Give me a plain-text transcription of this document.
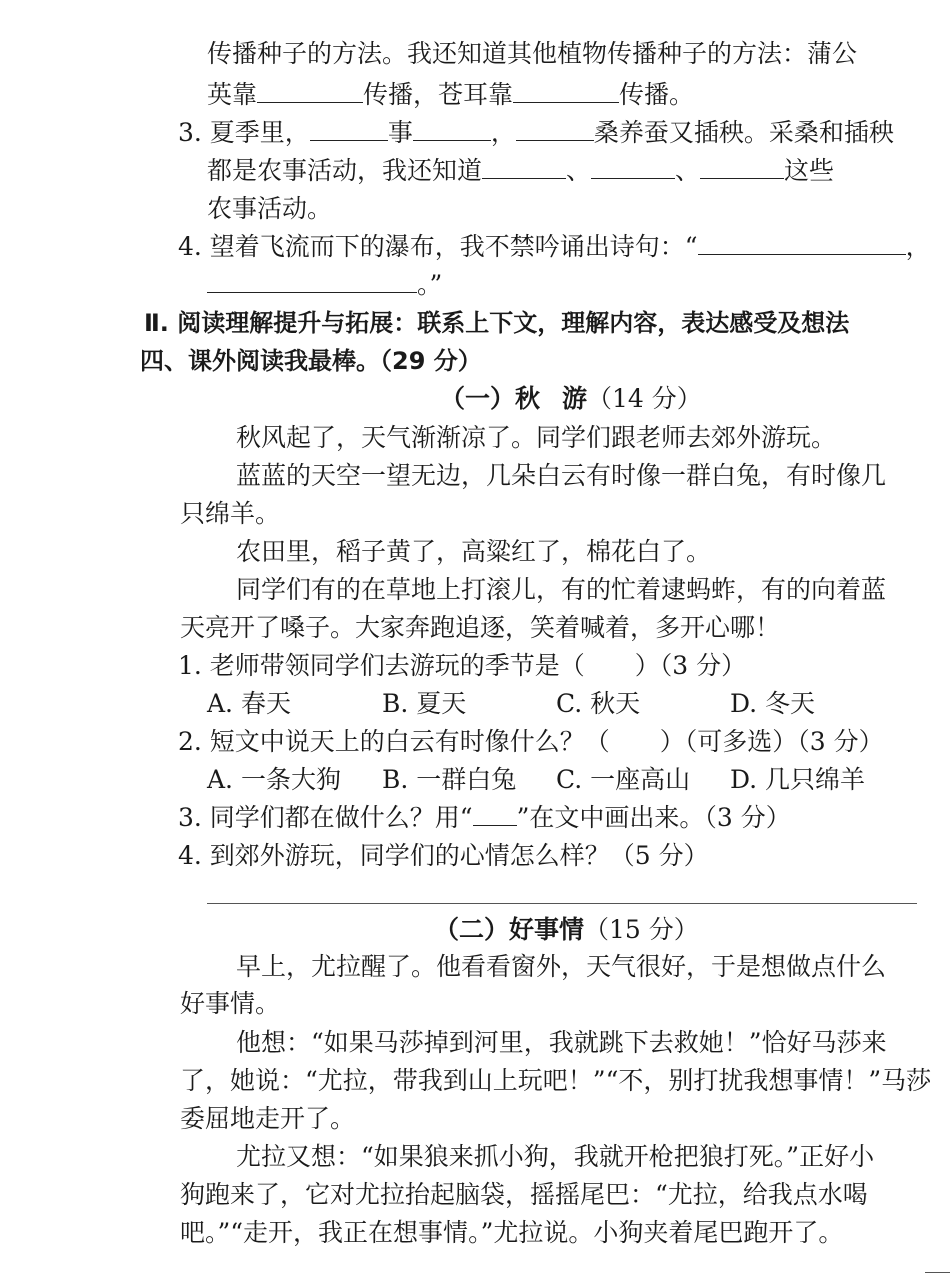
传播种子的方法。我还知道其他植物传播种子的方法：蒲公
英靠	传播，苍耳靠	传播。
3. 夏季里，	事	，	桑养蚕又插秧。采桑和插秧
都是农事活动，我还知道	、	、	这些
农事活动。
4. 望着飞流而下的瀑布，我不禁吟诵出诗句：“	，
。”
Ⅱ. 阅读理解提升与拓展：联系上下文，理解内容，表达感受及想法
四、课外阅读我最棒。（29 分）
（一）秋 游（14 分）
秋风起了，天气渐渐凉了。同学们跟老师去郊外游玩。
蓝蓝的天空一望无边，几朵白云有时像一群白兔，有时像几
只绵羊。
农田里，稻子黄了，高粱红了，棉花白了。
同学们有的在草地上打滚儿，有的忙着逮蚂蚱，有的向着蓝
天亮开了嗓子。大家奔跑追逐，笑着喊着，多开心哪！
1. 老师带领同学们去游玩的季节是（　　）（3 分）
A. 春天	B. 夏天	C. 秋天	D. 冬天
2. 短文中说天上的白云有时像什么？（　　）（可多选）（3 分）
A. 一条大狗 B. 一群白兔 C. 一座高山 D. 几只绵羊
3. 同学们都在做什么？用“ ”在文中画出来。（3 分）
4. 到郊外游玩，同学们的心情怎么样？（5 分）
（二）好事情（15 分）
早上，尤拉醒了。他看看窗外，天气很好，于是想做点什么
好事情。
他想：“如果马莎掉到河里，我就跳下去救她！”恰好马莎来
了，她说：“尤拉，带我到山上玩吧！”“不，别打扰我想事情！”马莎
委屈地走开了。
尤拉又想：“如果狼来抓小狗，我就开枪把狼打死。”正好小
狗跑来了，它对尤拉抬起脑袋，摇摇尾巴：“尤拉，给我点水喝
吧。”“走开，我正在想事情。”尤拉说。小狗夹着尾巴跑开了。
